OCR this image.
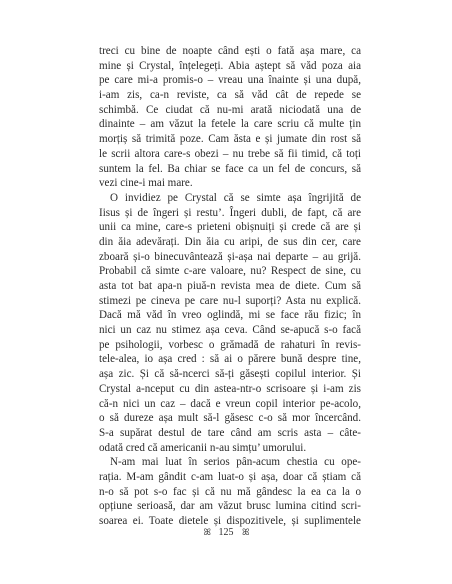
treci cu bine de noapte când ești o fată așa mare, ca
mine și Crystal, înțelegeți. Abia aștept să văd poza aia
pe care mi-a promis-o – vreau una înainte și una după,
i-am zis, ca-n reviste, ca să văd cât de repede se
schimbă. Ce ciudat că nu-mi arată niciodată una de
dinainte – am văzut la fetele la care scriu că multe țin
morțiș să trimită poze. Cam ăsta e și jumate din rost să
le scrii altora care-s obezi – nu trebe să fii timid, că toți
suntem la fel. Ba chiar se face ca un fel de concurs, să
vezi cine-i mai mare.
O invidiez pe Crystal că se simte așa îngrijită de
Iisus și de îngeri și restu’. Îngeri dubli, de fapt, că are
unii ca mine, care-s prieteni obișnuiți și crede că are și
din ăia adevărați. Din ăia cu aripi, de sus din cer, care
zboară și-o binecuvântează și-așa nai departe – au grijă.
Probabil că simte c-are valoare, nu? Respect de sine, cu
asta tot bat apa-n piuă-n revista mea de diete. Cum să
stimezi pe cineva pe care nu-l suporți? Asta nu explică.
Dacă mă văd în vreo oglindă, mi se face rău fizic; în
nici un caz nu stimez așa ceva. Când se-apucă s-o facă
pe psihologii, vorbesc o grămadă de rahaturi în revis-
tele-alea, io așa cred : să ai o părere bună despre tine,
așa zic. Și că să-ncerci să-ți găsești copilul interior. Și
Crystal a-nceput cu din astea-ntr-o scrisoare și i-am zis
că-n nici un caz – dacă e vreun copil interior pe-acolo,
o să dureze așa mult să-l găsesc c-o să mor încercând.
S-a supărat destul de tare când am scris asta – câte-
odată cred că americanii n-au simțu’ umorului.
N-am mai luat în serios pân-acum chestia cu ope-
rația. M-am gândit c-am luat-o și așa, doar că știam că
n-o să pot s-o fac și că nu mă gândesc la ea ca la o
opțiune serioasă, dar am văzut brusc lumina citind scri-
soarea ei. Toate dietele și dispozitivele, și suplimentele
ꕤ 125 ꕤ
